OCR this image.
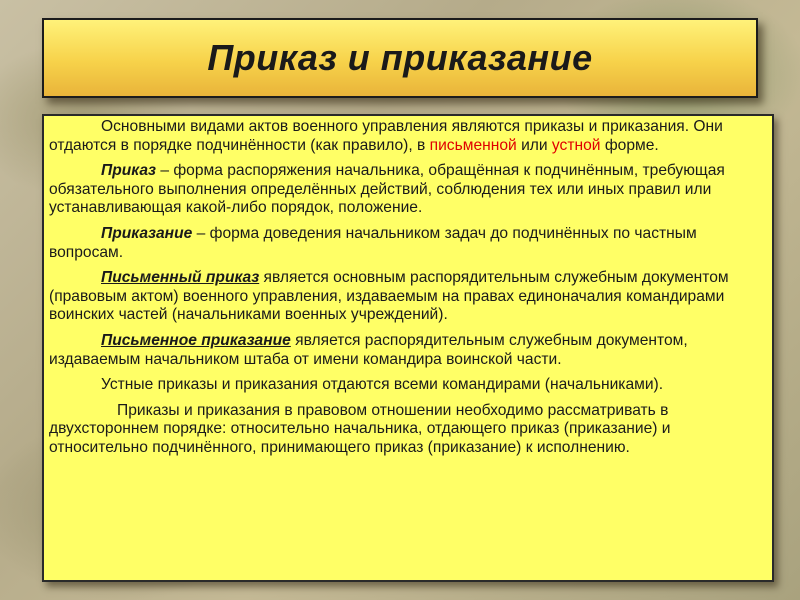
Приказ и приказание

Основными видами актов военного управления являются приказы и приказания. Они отдаются в порядке подчинённости (как правило), в письменной или устной форме.

Приказ – форма распоряжения начальника, обращённая к подчинённым, требующая обязательного выполнения определённых действий, соблюдения тех или иных правил или устанавливающая какой-либо порядок, положение.

Приказание – форма доведения начальником задач до подчинённых по частным вопросам.

Письменный приказ является основным распорядительным служебным документом (правовым актом) военного управления, издаваемым на правах единоначалия командирами воинских частей (начальниками военных учреждений).

Письменное приказание является распорядительным служебным документом, издаваемым начальником штаба от имени командира воинской части.

Устные приказы и приказания отдаются всеми командирами (начальниками).

Приказы и приказания в правовом отношении необходимо рассматривать в двухстороннем порядке: относительно начальника, отдающего приказ (приказание) и относительно подчинённого, принимающего приказ (приказание) к исполнению.
